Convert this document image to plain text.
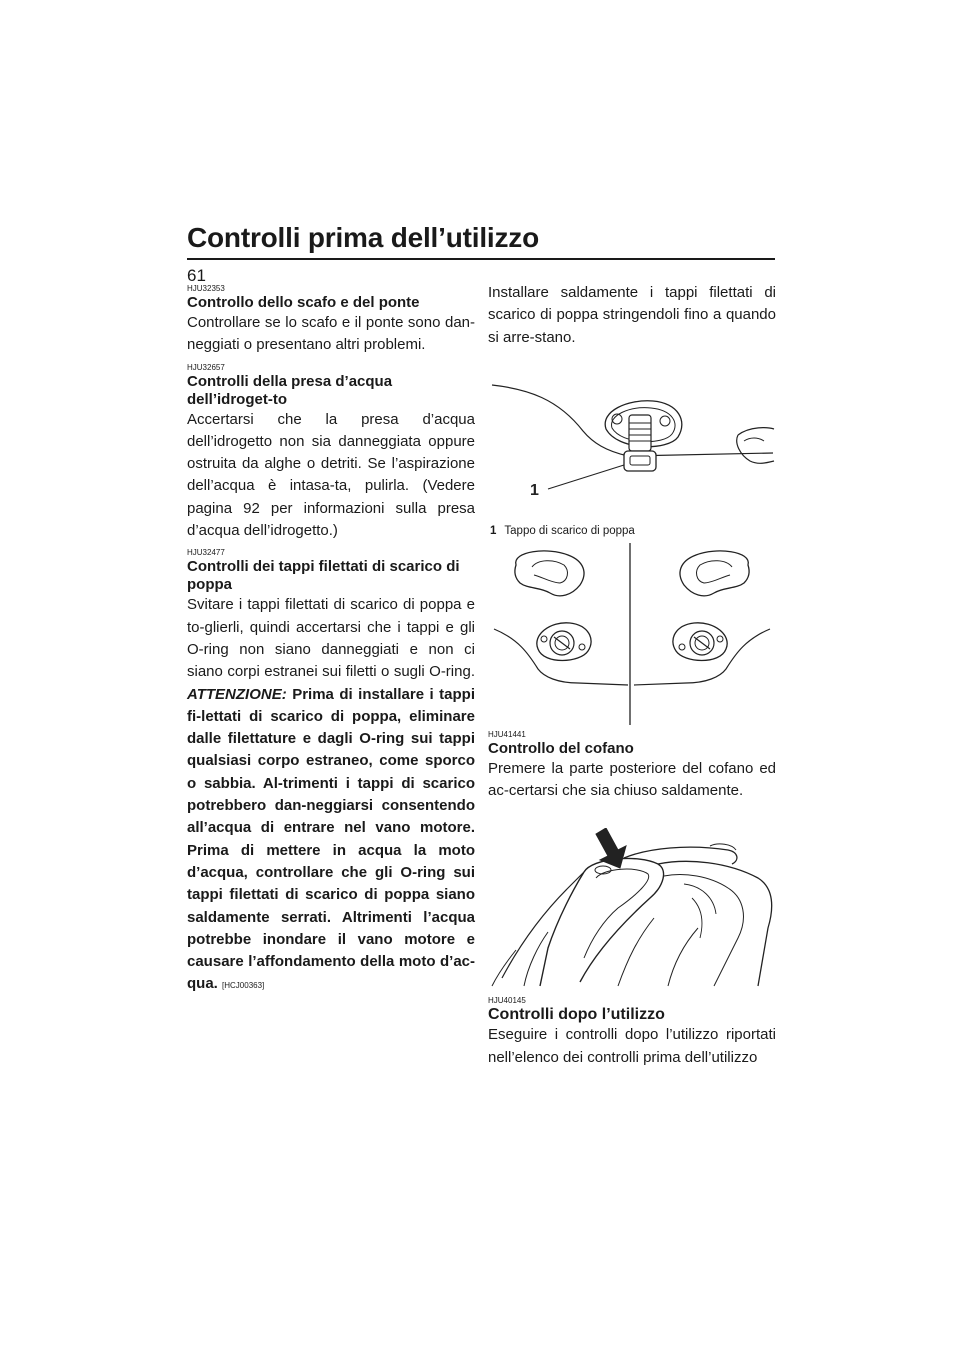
Controlli prima dell’utilizzo
61
HJU32353
Controllo dello scafo e del ponte

Controllare se lo scafo e il ponte sono dan-neggiati o presentano altri problemi.

HJU32657
Controlli della presa d’acqua dell’idroget-to

Accertarsi che la presa d’acqua dell’idrogetto non sia danneggiata oppure ostruita da alghe o detriti. Se l’aspirazione dell’acqua è intasa-ta, pulirla. (Vedere pagina 92 per informazioni sulla presa d’acqua dell’idrogetto.)

HJU32477
Controlli dei tappi filettati di scarico di poppa

Svitare i tappi filettati di scarico di poppa e to-glierli, quindi accertarsi che i tappi e gli O-ring non siano danneggiati e non ci siano corpi estranei sui filetti o sugli O-ring. ATTENZIONE: Prima di installare i tappi fi-lettati di scarico di poppa, eliminare dalle filettature e dagli O-ring sui tappi qualsiasi corpo estraneo, come sporco o sabbia. Al-trimenti i tappi di scarico potrebbero dan-neggiarsi consentendo all’acqua di entrare nel vano motore. Prima di mettere in acqua la moto d’acqua, controllare che gli O-ring sui tappi filettati di scarico di poppa siano saldamente serrati. Altrimenti l’acqua potrebbe inondare il vano motore e causare l’affondamento della moto d’ac-qua. [HCJ00363]

Installare saldamente i tappi filettati di scarico di poppa stringendoli fino a quando si arre-stano.

1
1 Tappo di scarico di poppa
HJU41441
Controllo del cofano

Premere la parte posteriore del cofano ed ac-certarsi che sia chiuso saldamente.

HJU40145
Controlli dopo l’utilizzo

Eseguire i controlli dopo l’utilizzo riportati nell’elenco dei controlli prima dell’utilizzo
